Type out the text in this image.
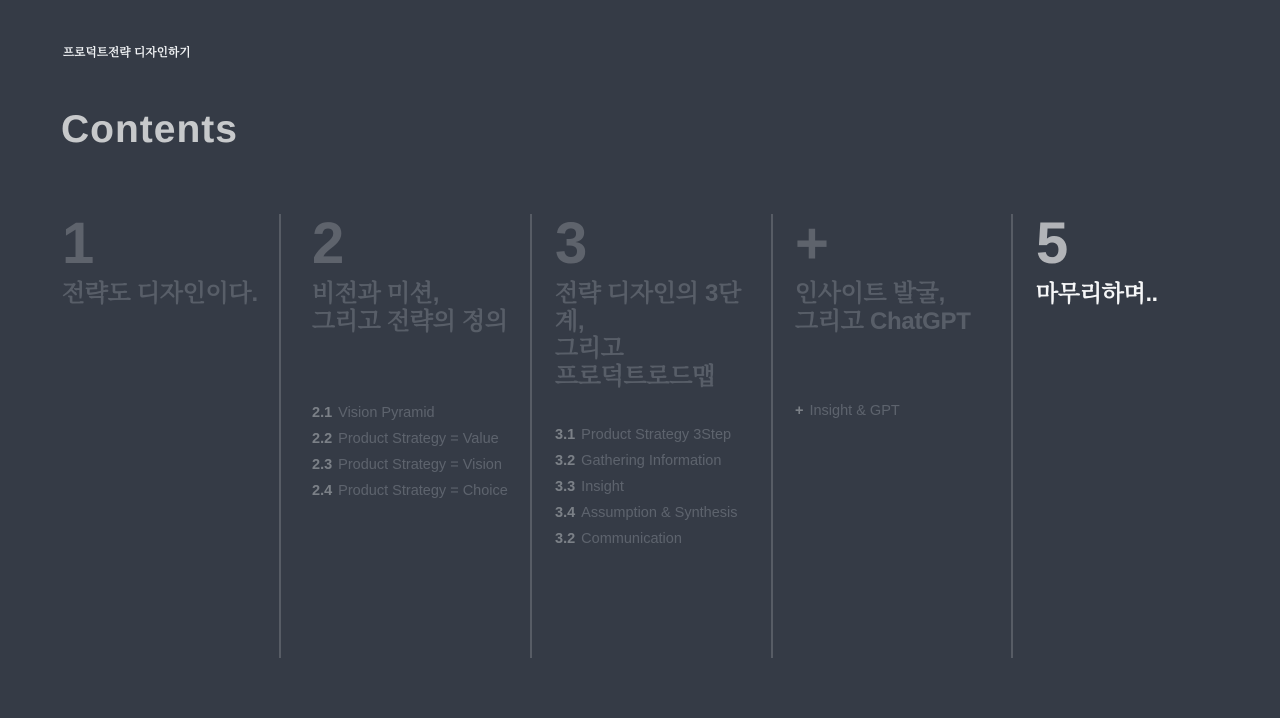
프로덕트전략 디자인하기
Contents
1
전략도 디자인이다.
2
비전과 미션,
그리고 전략의 정의
2.1 Vision Pyramid
2.2 Product Strategy = Value
2.3 Product Strategy = Vision
2.4 Product Strategy = Choice
3
전략 디자인의 3단계,
그리고
프로덕트로드맵
3.1 Product Strategy 3Step
3.2 Gathering Information
3.3 Insight
3.4 Assumption & Synthesis
3.2 Communication
+
인사이트 발굴,
그리고 ChatGPT
+ Insight & GPT
5
마무리하며..
